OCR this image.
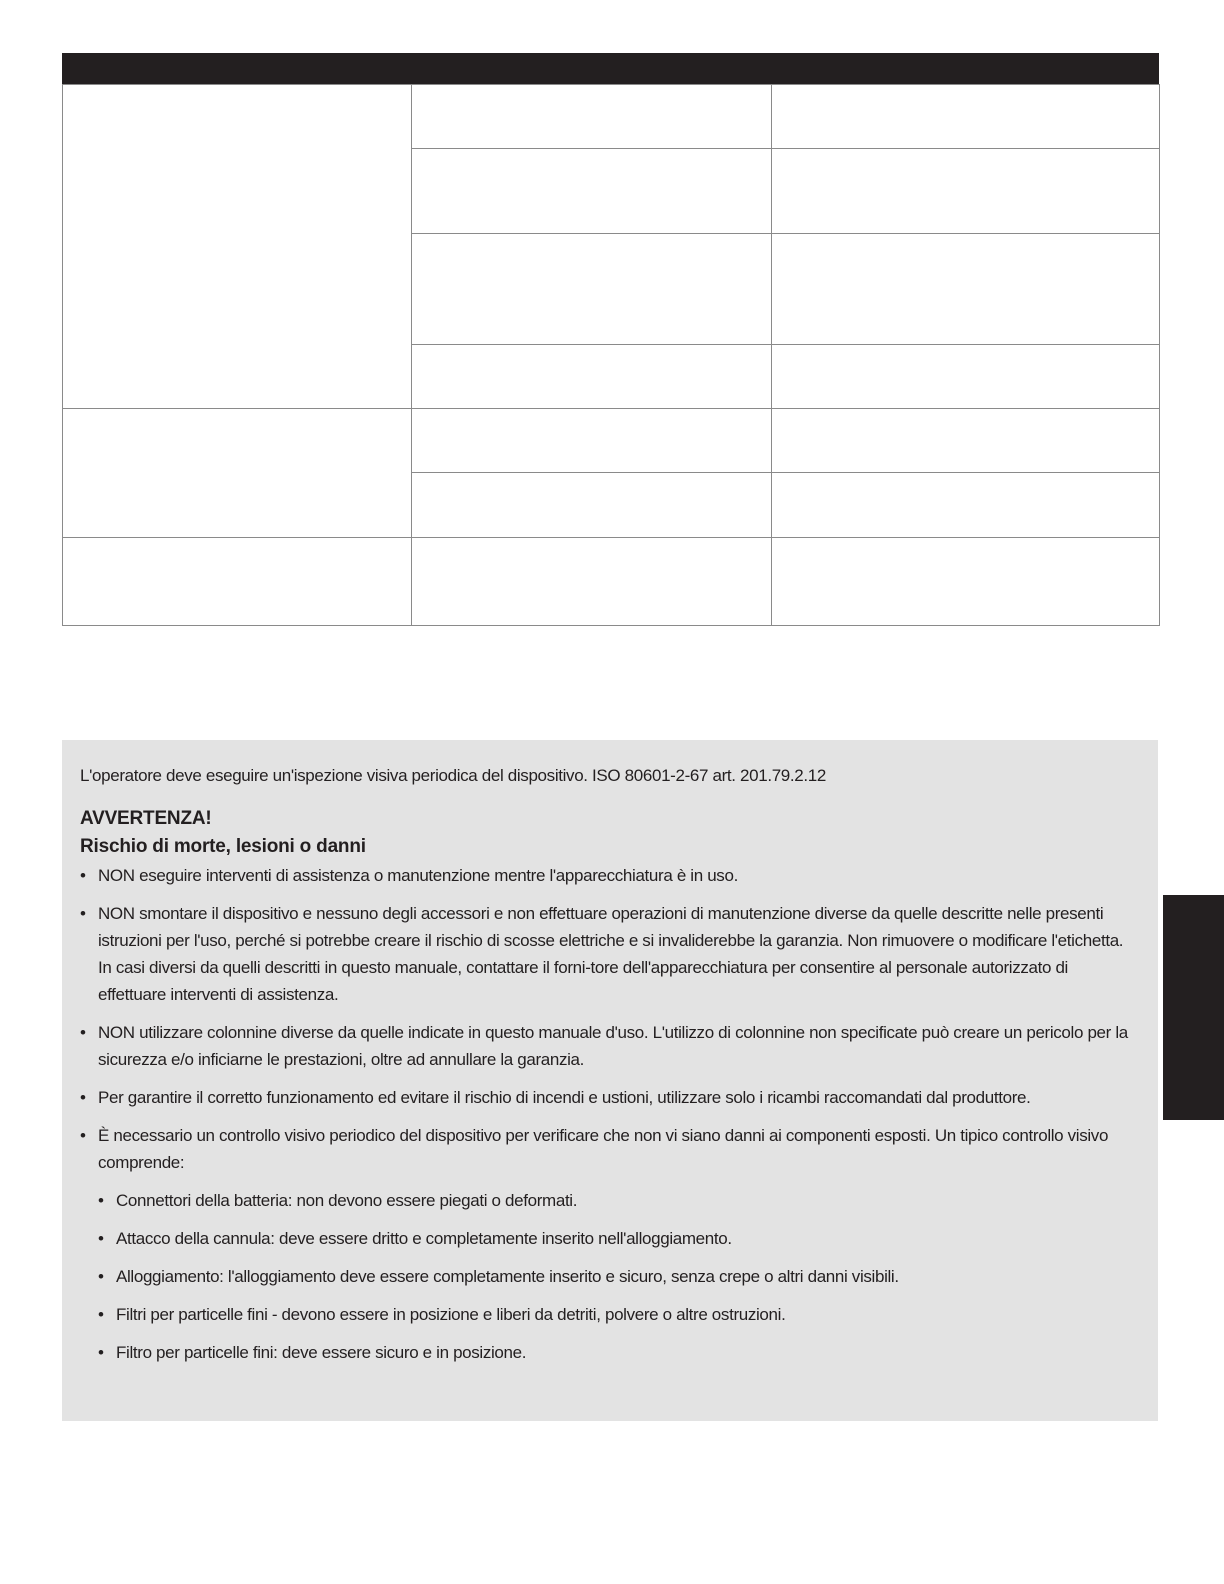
L'operatore deve eseguire un'ispezione visiva periodica del dispositivo. ISO 80601-2-67 art. 201.79.2.12

AVVERTENZA!

Rischio di morte, lesioni o danni

• NON eseguire interventi di assistenza o manutenzione mentre l'apparecchiatura è in uso.
• NON smontare il dispositivo e nessuno degli accessori e non effettuare operazioni di manutenzione diverse da quelle descritte nelle presenti istruzioni per l'uso, perché si potrebbe creare il rischio di scosse elettriche e si invaliderebbe la garanzia. Non rimuovere o modificare l'etichetta. In casi diversi da quelli descritti in questo manuale, contattare il forni-tore dell'apparecchiatura per consentire al personale autorizzato di effettuare interventi di assistenza.
• NON utilizzare colonnine diverse da quelle indicate in questo manuale d'uso. L'utilizzo di colonnine non specificate può creare un pericolo per la sicurezza e/o inficiarne le prestazioni, oltre ad annullare la garanzia.
• Per garantire il corretto funzionamento ed evitare il rischio di incendi e ustioni, utilizzare solo i ricambi raccomandati dal produttore.
• È necessario un controllo visivo periodico del dispositivo per verificare che non vi siano danni ai componenti esposti. Un tipico controllo visivo comprende:
• Connettori della batteria: non devono essere piegati o deformati.
• Attacco della cannula: deve essere dritto e completamente inserito nell'alloggiamento.
• Alloggiamento: l'alloggiamento deve essere completamente inserito e sicuro, senza crepe o altri danni visibili.
• Filtri per particelle fini - devono essere in posizione e liberi da detriti, polvere o altre ostruzioni.
• Filtro per particelle fini: deve essere sicuro e in posizione.
